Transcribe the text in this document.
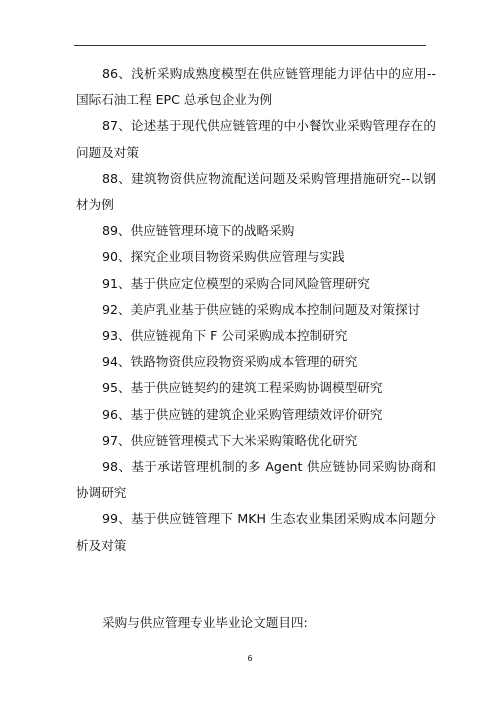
86、浅析采购成熟度模型在供应链管理能力评估中的应用--国际石油工程 EPC 总承包企业为例

87、论述基于现代供应链管理的中小餐饮业采购管理存在的问题及对策

88、建筑物资供应物流配送问题及采购管理措施研究--以钢材为例

89、供应链管理环境下的战略采购

90、探究企业项目物资采购供应管理与实践

91、基于供应定位模型的采购合同风险管理研究

92、美庐乳业基于供应链的采购成本控制问题及对策探讨

93、供应链视角下 F 公司采购成本控制研究

94、铁路物资供应段物资采购成本管理的研究

95、基于供应链契约的建筑工程采购协调模型研究

96、基于供应链的建筑企业采购管理绩效评价研究

97、供应链管理模式下大米采购策略优化研究

98、基于承诺管理机制的多 Agent 供应链协同采购协商和协调研究

99、基于供应链管理下 MKH 生态农业集团采购成本问题分析及对策

采购与供应管理专业毕业论文题目四:

6
